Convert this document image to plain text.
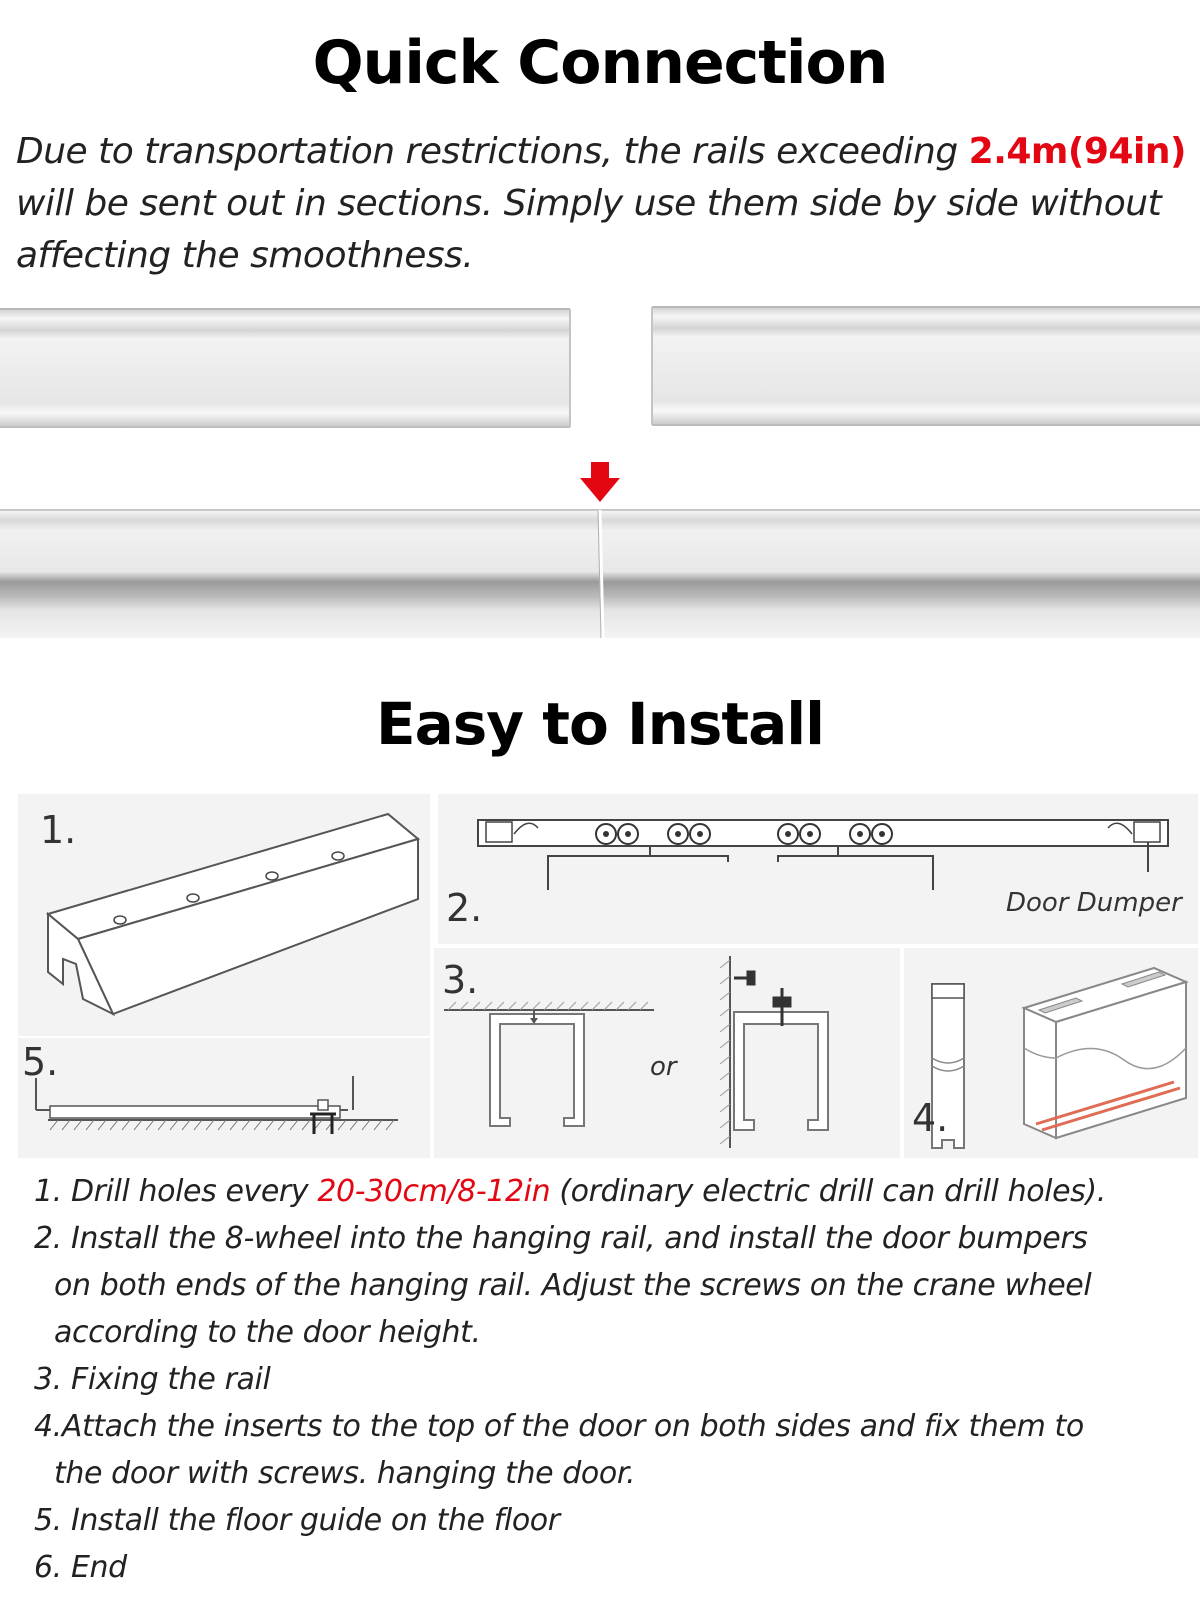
Quick Connection
Due to transportation restrictions, the rails exceeding 2.4m(94in) will be sent out in sections. Simply use them side by side without affecting the smoothness.
Easy to Install
1.
5.
2.	Door Dumper
3.
or
4.
1. Drill holes every 20-30cm/8-12in (ordinary electric drill can drill holes).
2. Install the 8-wheel into the hanging rail, and install the door bumpers
on both ends of the hanging rail. Adjust the screws on the crane wheel
according to the door height.
3. Fixing the rail
4.Attach the inserts to the top of the door on both sides and fix them to
the door with screws. hanging the door.
5. Install the floor guide on the floor
6. End
